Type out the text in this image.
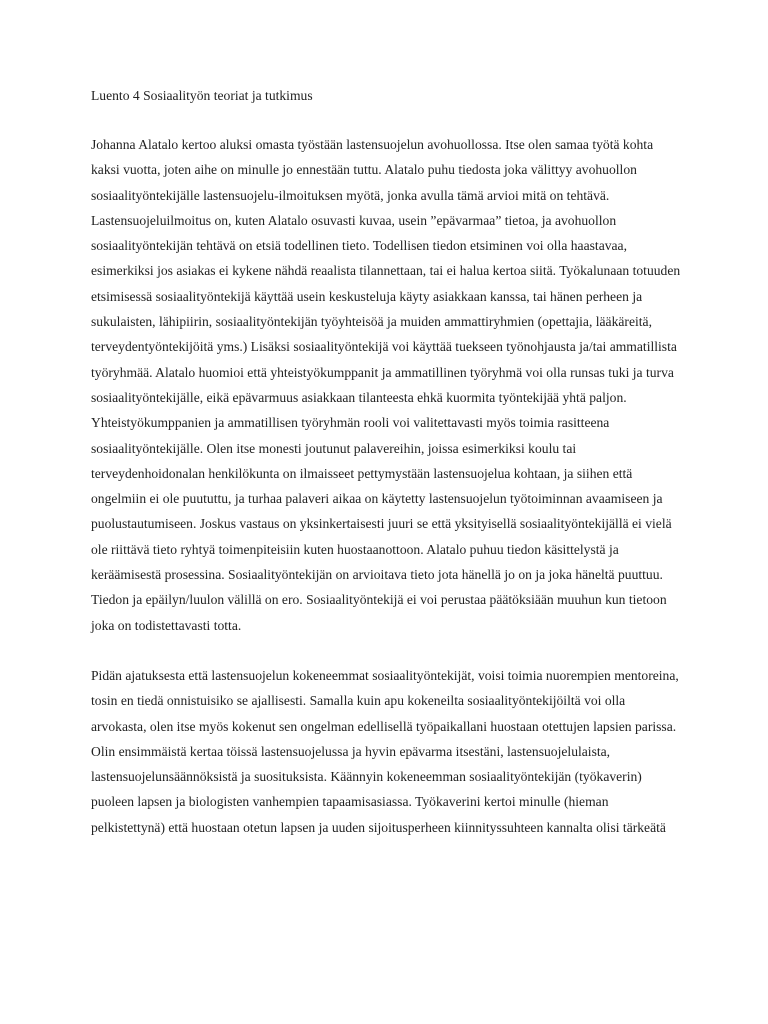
Luento 4 Sosiaalityön teoriat ja tutkimus

Johanna Alatalo kertoo aluksi omasta työstään lastensuojelun avohuollossa. Itse olen samaa työtä kohta kaksi vuotta, joten aihe on minulle jo ennestään tuttu. Alatalo puhu tiedosta joka välittyy avohuollon sosiaalityöntekijälle lastensuojelu-ilmoituksen myötä, jonka avulla tämä arvioi mitä on tehtävä. Lastensuojeluilmoitus on, kuten Alatalo osuvasti kuvaa, usein ”epävarmaa” tietoa, ja avohuollon sosiaalityöntekijän tehtävä on etsiä todellinen tieto. Todellisen tiedon etsiminen voi olla haastavaa, esimerkiksi jos asiakas ei kykene nähdä reaalista tilannettaan, tai ei halua kertoa siitä. Työkalunaan totuuden etsimisessä sosiaalityöntekijä käyttää usein keskusteluja käyty asiakkaan kanssa, tai hänen perheen ja sukulaisten, lähipiirin, sosiaalityöntekijän työyhteisöä ja muiden ammattiryhmien (opettajia, lääkäreitä, terveydentyöntekijöitä yms.) Lisäksi sosiaalityöntekijä voi käyttää tuekseen työnohjausta ja/tai ammatillista työryhmää. Alatalo huomioi että yhteistyökumppanit ja ammatillinen työryhmä voi olla runsas tuki ja turva sosiaalityöntekijälle, eikä epävarmuus asiakkaan tilanteesta ehkä kuormita työntekijää yhtä paljon. Yhteistyökumppanien ja ammatillisen työryhmän rooli voi valitettavasti myös toimia rasitteena sosiaalityöntekijälle. Olen itse monesti joutunut palavereihin, joissa esimerkiksi koulu tai terveydenhoidonalan henkilökunta on ilmaisseet pettymystään lastensuojelua kohtaan, ja siihen että ongelmiin ei ole puututtu, ja turhaa palaveri aikaa on käytetty lastensuojelun työtoiminnan avaamiseen ja puolustautumiseen. Joskus vastaus on yksinkertaisesti juuri se että yksityisellä sosiaalityöntekijällä ei vielä ole riittävä tieto ryhtyä toimenpiteisiin kuten huostaanottoon. Alatalo puhuu tiedon käsittelystä ja keräämisestä prosessina. Sosiaalityöntekijän on arvioitava tieto jota hänellä jo on ja joka häneltä puuttuu. Tiedon ja epäilyn/luulon välillä on ero. Sosiaalityöntekijä ei voi perustaa päätöksiään muuhun kun tietoon joka on todistettavasti totta.

Pidän ajatuksesta että lastensuojelun kokeneemmat sosiaalityöntekijät, voisi toimia nuorempien mentoreina, tosin en tiedä onnistuisiko se ajallisesti. Samalla kuin apu kokeneilta sosiaalityöntekijöiltä voi olla arvokasta, olen itse myös kokenut sen ongelman edellisellä työpaikallani huostaan otettujen lapsien parissa. Olin ensimmäistä kertaa töissä lastensuojelussa ja hyvin epävarma itsestäni, lastensuojelulaista, lastensuojelunsäännöksistä ja suosituksista. Käännyin kokeneemman sosiaalityöntekijän (työkaverin) puoleen lapsen ja biologisten vanhempien tapaamisasiassa. Työkaverini kertoi minulle (hieman pelkistettynä) että huostaan otetun lapsen ja uuden sijoitusperheen kiinnityssuhteen kannalta olisi tärkeätä
